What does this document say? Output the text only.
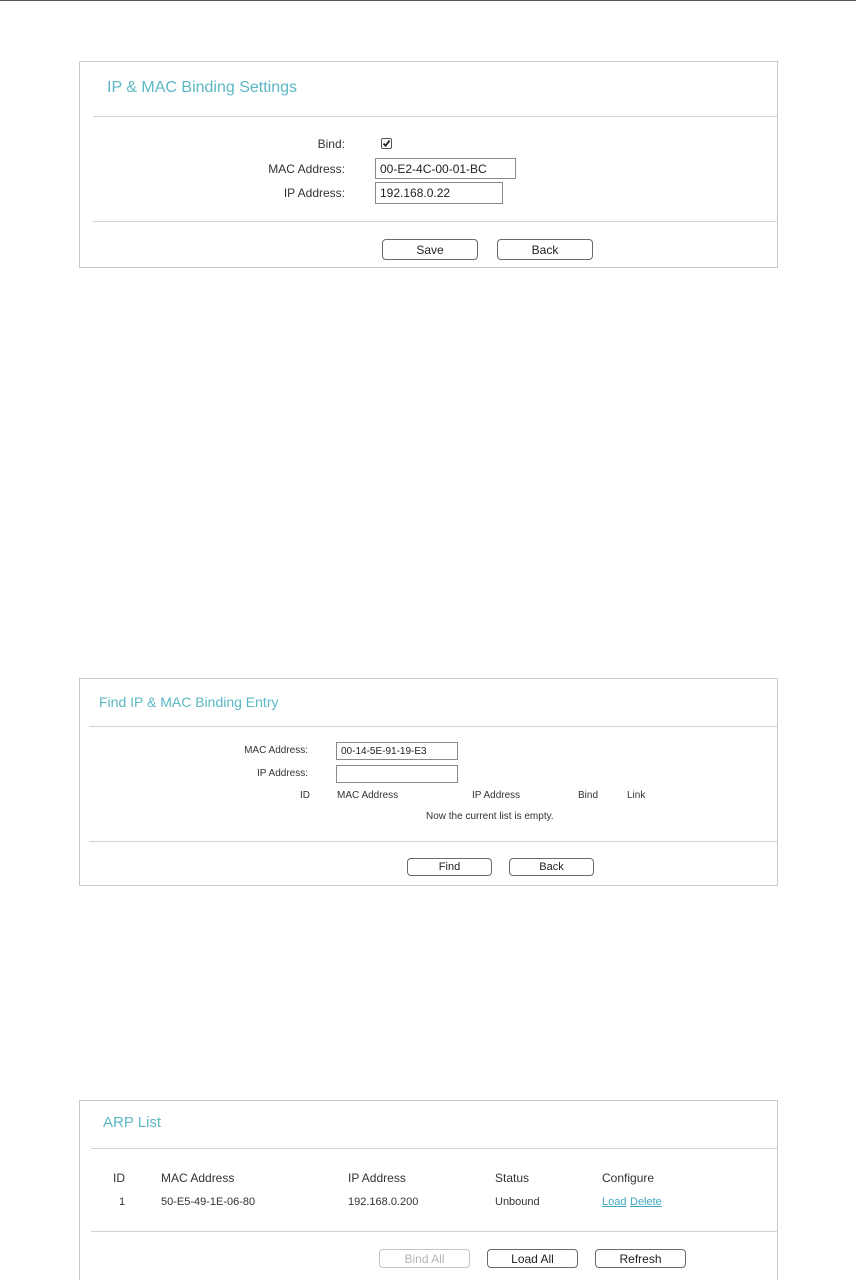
IP & MAC Binding Settings
Bind:
MAC Address:
00-E2-4C-00-01-BC
IP Address:
192.168.0.22
Save	Back
Find IP & MAC Binding Entry
MAC Address:
00-14-5E-91-19-E3
IP Address:
ID	MAC Address	IP Address	Bind	Link
Now the current list is empty.
Find	Back
ARP List
ID	MAC Address	IP Address	Status	Configure
1	50-E5-49-1E-06-80	192.168.0.200	Unbound	Load Delete
Bind All	Load All	Refresh
